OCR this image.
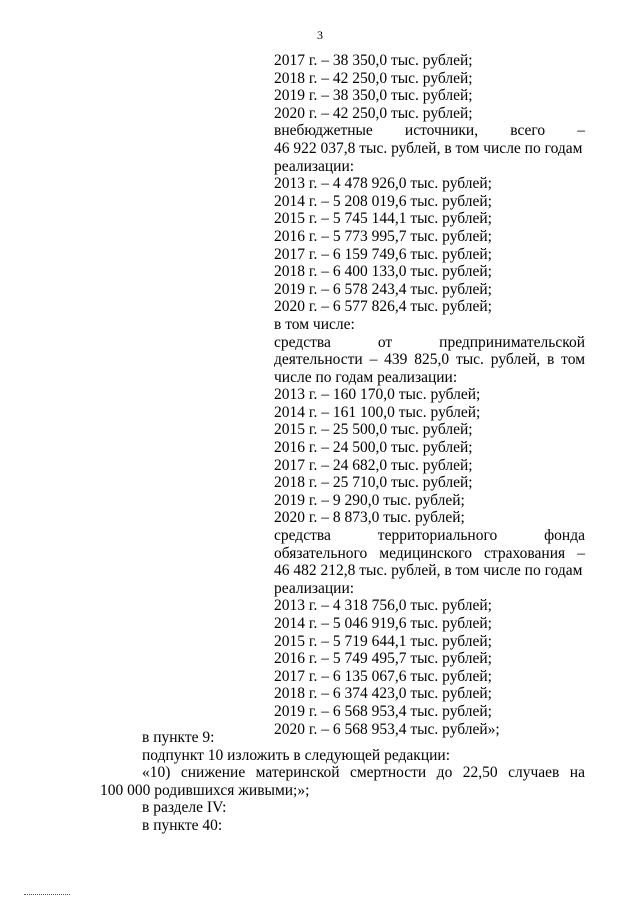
3
2017 г. – 38 350,0 тыс. рублей;
2018 г. – 42 250,0 тыс. рублей;
2019 г. – 38 350,0 тыс. рублей;
2020 г. – 42 250,0 тыс. рублей;
внебюджетные источники, всего –
46 922 037,8 тыс. рублей, в том числе по годам
реализации:
2013 г. – 4 478 926,0 тыс. рублей;
2014 г. – 5 208 019,6 тыс. рублей;
2015 г. – 5 745 144,1 тыс. рублей;
2016 г. – 5 773 995,7 тыс. рублей;
2017 г. – 6 159 749,6 тыс. рублей;
2018 г. – 6 400 133,0 тыс. рублей;
2019 г. – 6 578 243,4 тыс. рублей;
2020 г. – 6 577 826,4 тыс. рублей;
в том числе:
средства от предпринимательской
деятельности – 439 825,0 тыс. рублей, в том
числе по годам реализации:
2013 г. – 160 170,0 тыс. рублей;
2014 г. – 161 100,0 тыс. рублей;
2015 г. – 25 500,0 тыс. рублей;
2016 г. – 24 500,0 тыс. рублей;
2017 г. – 24 682,0 тыс. рублей;
2018 г. – 25 710,0 тыс. рублей;
2019 г. – 9 290,0 тыс. рублей;
2020 г. – 8 873,0 тыс. рублей;
средства территориального фонда
обязательного медицинского страхования –
46 482 212,8 тыс. рублей, в том числе по годам
реализации:
2013 г. – 4 318 756,0 тыс. рублей;
2014 г. – 5 046 919,6 тыс. рублей;
2015 г. – 5 719 644,1 тыс. рублей;
2016 г. – 5 749 495,7 тыс. рублей;
2017 г. – 6 135 067,6 тыс. рублей;
2018 г. – 6 374 423,0 тыс. рублей;
2019 г. – 6 568 953,4 тыс. рублей;
2020 г. – 6 568 953,4 тыс. рублей»;
в пункте 9:
подпункт 10 изложить в следующей редакции:
«10) снижение материнской смертности до 22,50 случаев на
100 000 родившихся живыми;»;
в разделе IV:
в пункте 40:
